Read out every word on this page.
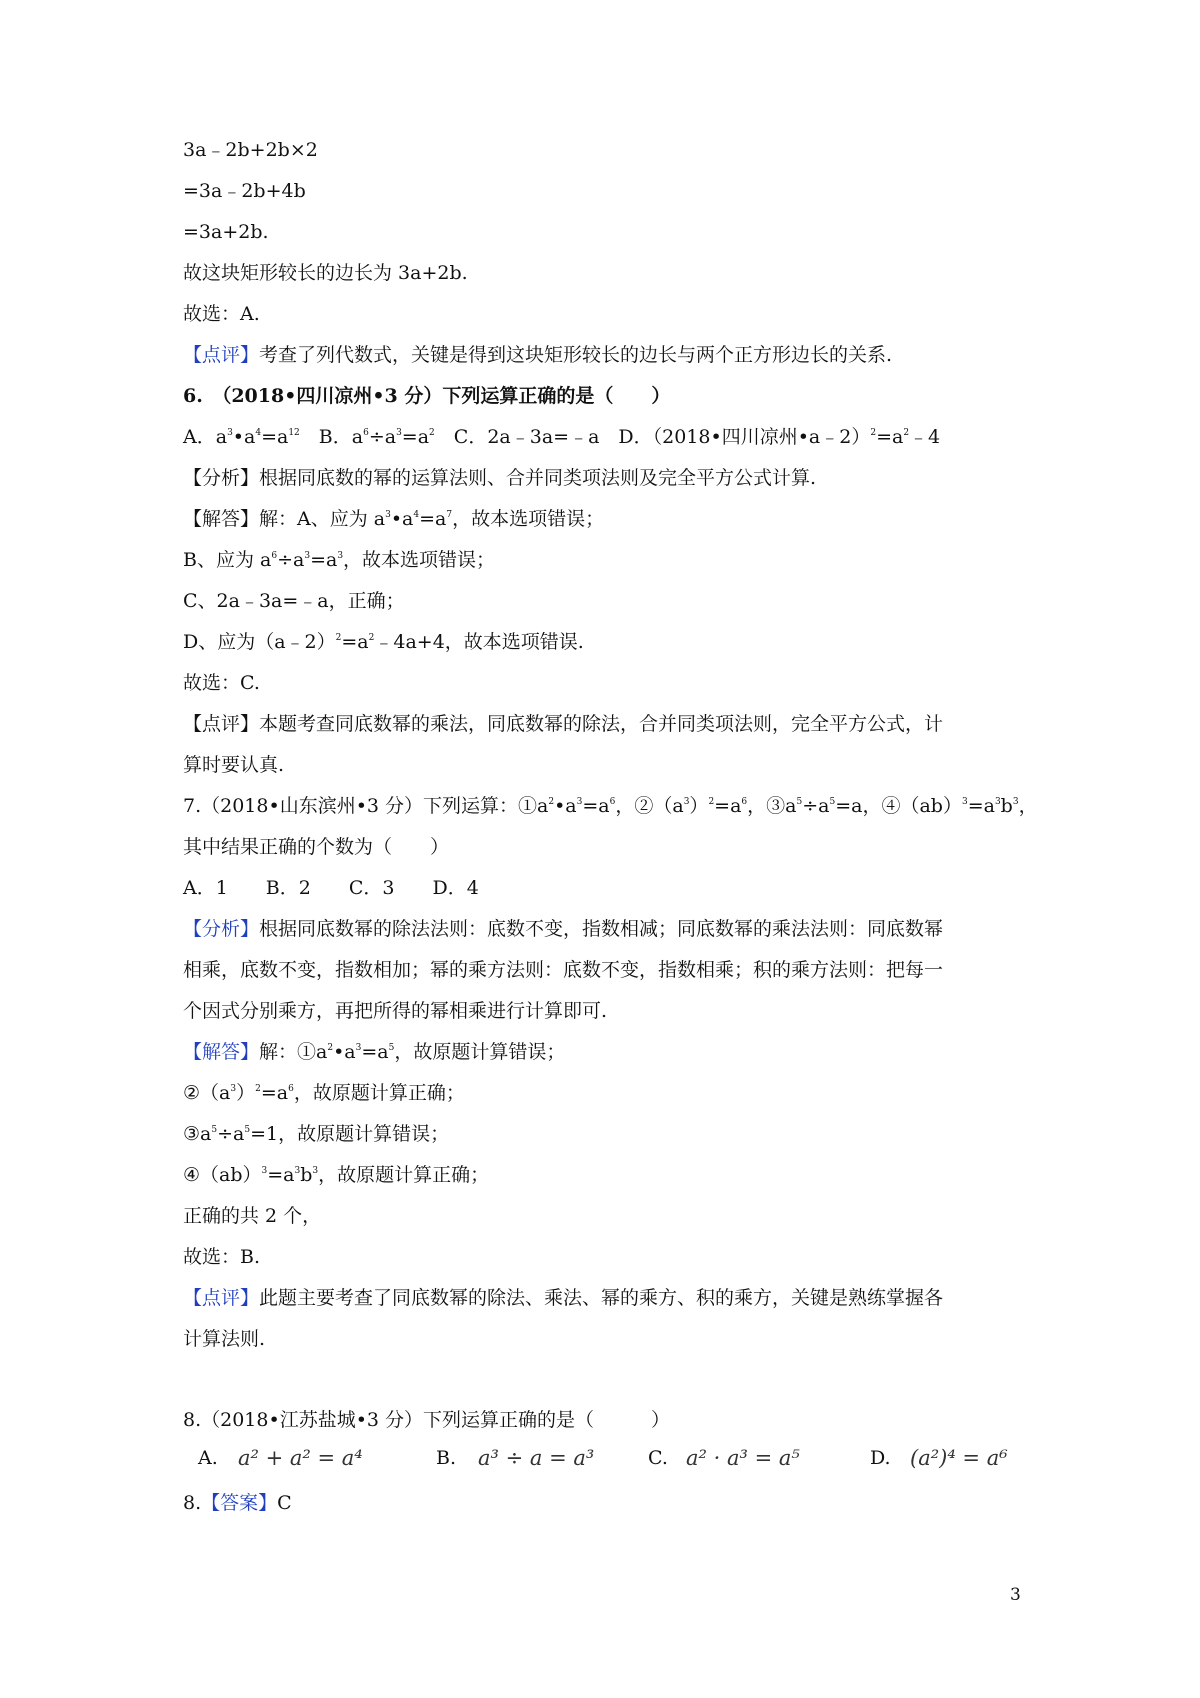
3a﹣2b+2b×2
=3a﹣2b+4b
=3a+2b.
故这块矩形较长的边长为 3a+2b.
故选：A.
【点评】考查了列代数式，关键是得到这块矩形较长的边长与两个正方形边长的关系.
6.　（2018•四川凉州•3 分）下列运算正确的是（　　）
A．$a^3•a^4=a^{12}$　B．$a^6\div a^3=a^2$　C．2a﹣3a=﹣a　D．（2018•四川凉州$•a﹣2)^2=a^2﹣4$
【分析】根据同底数的幂的运算法则、合并同类项法则及完全平方公式计算.
【解答】解：A、应为 $a^3•a^4=a^7$，故本选项错误；
B、应为 $a^6\div a^3=a^3$，故本选项错误；
C、2a﹣3a=﹣a，正确；
D、应为$(a﹣2)^2=a^2﹣4a+4$，故本选项错误.
故选：C.
【点评】本题考查同底数幂的乘法，同底数幂的除法，合并同类项法则，完全平方公式，计
算时要认真.
7.（2018•山东滨州•3 分）下列运算：$①a^2•a^3=a^6$，$②(a^3)^2=a^6$，$③a^5\div a^5=a$，$④(ab)^3=a^3b^3$，
其中结果正确的个数为（　　）
A．1　　B．2　　C．3　　D．4
【分析】根据同底数幂的除法法则：底数不变，指数相减；同底数幂的乘法法则：同底数幂
相乘，底数不变，指数相加；幂的乘方法则：底数不变，指数相乘；积的乘方法则：把每一
个因式分别乘方，再把所得的幂相乘进行计算即可.
【解答】解：$①a^2•a^3=a^5$，故原题计算错误；
$②(a^3)^2=a^6$，故原题计算正确；
$③a^5\div a^5=1$，故原题计算错误；
$④(ab)^3=a^3b^3$，故原题计算正确；
正确的共 2 个，
故选：B.
【点评】此题主要考查了同底数幂的除法、乘法、幂的乘方、积的乘方，关键是熟练掌握各
计算法则.
8.（2018•江苏盐城•3 分）下列运算正确的是（　　　）
A. a² + a² = a⁴	B. a³ ÷ a = a³	C. a² · a³ = a⁵	D. (a²)⁴ = a⁶
8.【答案】C
3
